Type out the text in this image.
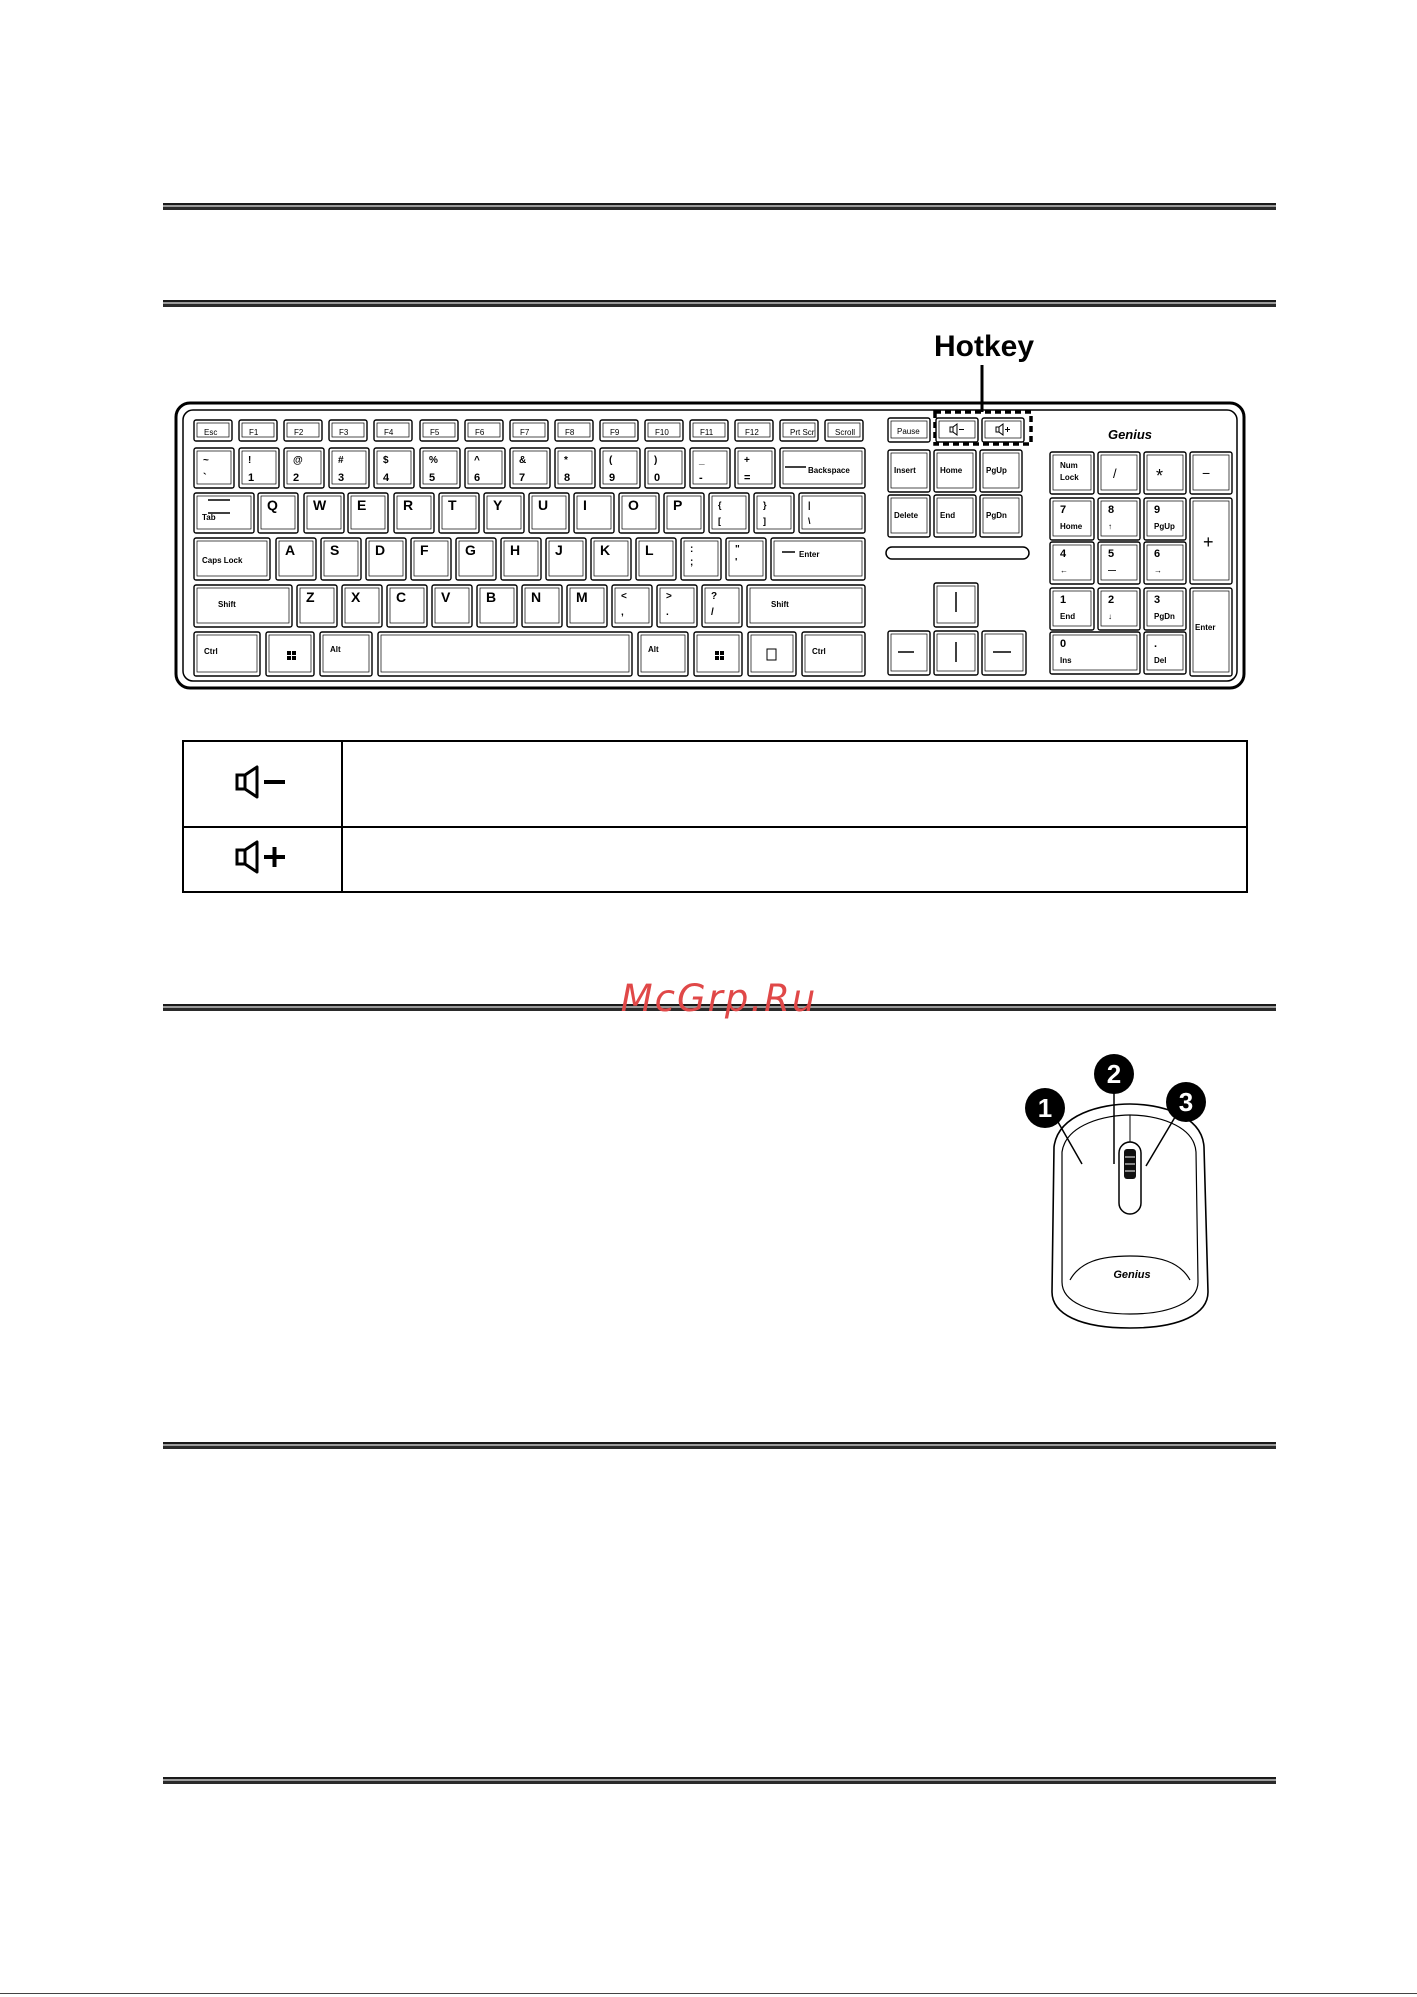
Hotkey
Genius
Esc	F1	F2	F3	F4	F5	F6	F7	F8	F9	F10	F11	F12	Prt Scr	Scroll	Pause
~
`
!
1
@
2
#
3
$
4
%
5
^
6
&
7
*
8
(
9
)
0
_
-
+
=
Backspace
Tab
Q	W E	R T	Y	U I	O P	{
[
}
]
|
\
Caps Lock
A S	D F	G H J	K L	:
;
"
'
Enter
Shift	Z	X	C V	B N M	<
,
>
.
?
/
Shift
Ctrl	Alt	Alt	Ctrl
Insert	Home	PgUp
Delete	End	PgDn
Num
Lock	/ *	−
+
Enter
7
Home
8
↑
9
PgUp
4
←
5
—
6
→
1
End
2
↓
3
PgDn
0
Ins
.
Del

McGrp.Ru
Genius
1
2
3
